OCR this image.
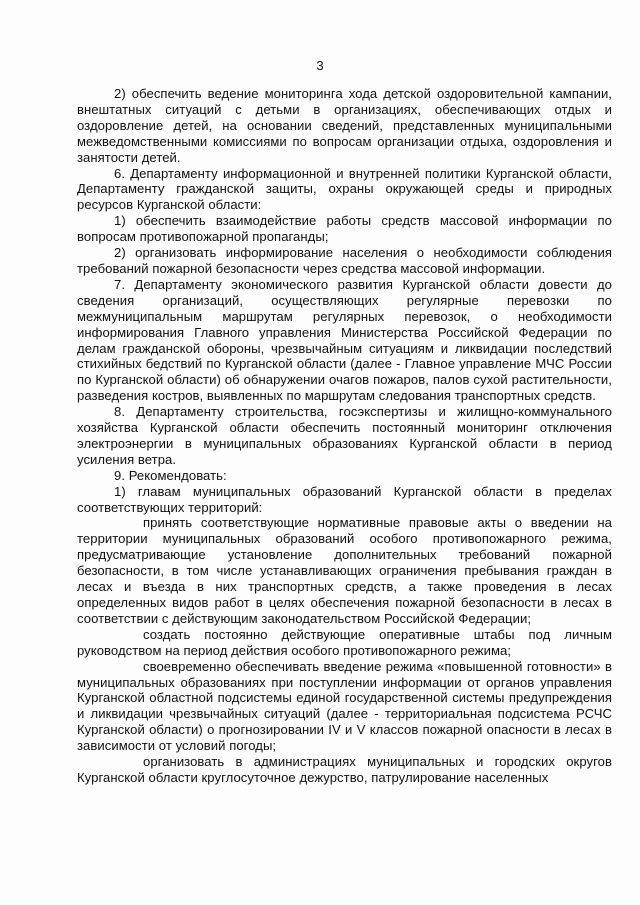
3

2) обеспечить ведение мониторинга хода детской оздоровительной кампании, внештатных ситуаций с детьми в организациях, обеспечивающих отдых и оздоровление детей, на основании сведений, представленных муниципальными межведомственными комиссиями по вопросам организации отдыха, оздоровления и занятости детей.

6. Департаменту информационной и внутренней политики Курганской области, Департаменту гражданской защиты, охраны окружающей среды и природных ресурсов Курганской области:

1) обеспечить взаимодействие работы средств массовой информации по вопросам противопожарной пропаганды;

2) организовать информирование населения о необходимости соблюдения требований пожарной безопасности через средства массовой информации.

7. Департаменту экономического развития Курганской области довести до сведения организаций, осуществляющих регулярные перевозки по межмуниципальным маршрутам регулярных перевозок, о необходимости информирования Главного управления Министерства Российской Федерации по делам гражданской обороны, чрезвычайным ситуациям и ликвидации последствий стихийных бедствий по Курганской области (далее - Главное управление МЧС России по Курганской области) об обнаружении очагов пожаров, палов сухой растительности, разведения костров, выявленных по маршрутам следования транспортных средств.

8. Департаменту строительства, госэкспертизы и жилищно-коммунального хозяйства Курганской области обеспечить постоянный мониторинг отключения электроэнергии в муниципальных образованиях Курганской области в период усиления ветра.

9. Рекомендовать:

1) главам муниципальных образований Курганской области в пределах соответствующих территорий:

принять соответствующие нормативные правовые акты о введении на территории муниципальных образований особого противопожарного режима, предусматривающие установление дополнительных требований пожарной безопасности, в том числе устанавливающих ограничения пребывания граждан в лесах и въезда в них транспортных средств, а также проведения в лесах определенных видов работ в целях обеспечения пожарной безопасности в лесах в соответствии с действующим законодательством Российской Федерации;

создать постоянно действующие оперативные штабы под личным руководством на период действия особого противопожарного режима;

своевременно обеспечивать введение режима «повышенной готовности» в муниципальных образованиях при поступлении информации от органов управления Курганской областной подсистемы единой государственной системы предупреждения и ликвидации чрезвычайных ситуаций (далее - территориальная подсистема РСЧС Курганской области) о прогнозировании IV и V классов пожарной опасности в лесах в зависимости от условий погоды;

организовать в администрациях муниципальных и городских округов Курганской области круглосуточное дежурство, патрулирование населенных
